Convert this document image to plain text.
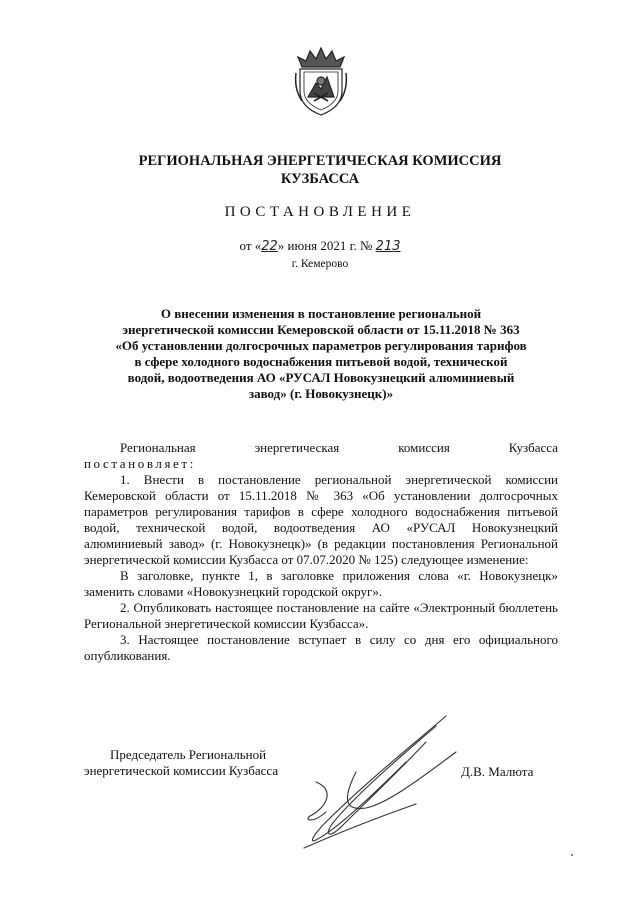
РЕГИОНАЛЬНАЯ ЭНЕРГЕТИЧЕСКАЯ КОМИССИЯ
КУЗБАССА
ПОСТАНОВЛЕНИЕ
от «22» июня 2021 г. № 213
г. Кемерово
О внесении изменения в постановление региональной
энергетической комиссии Кемеровской области от 15.11.2018 № 363
«Об установлении долгосрочных параметров регулирования тарифов
в сфере холодного водоснабжения питьевой водой, технической
водой, водоотведения АО «РУСАЛ Новокузнецкий алюминиевый
завод» (г. Новокузнецк)»

Региональная энергетическая комиссия Кузбасса

постановляет:

1. Внести в постановление региональной энергетической комиссии Кемеровской области от 15.11.2018 № 363 «Об установлении долгосрочных параметров регулирования тарифов в сфере холодного водоснабжения питьевой водой, технической водой, водоотведения АО «РУСАЛ Новокузнецкий алюминиевый завод» (г. Новокузнецк)» (в редакции постановления Региональной энергетической комиссии Кузбасса от 07.07.2020 № 125) следующее изменение:

В заголовке, пункте 1, в заголовке приложения слова «г. Новокузнецк» заменить словами «Новокузнецкий городской округ».

2. Опубликовать настоящее постановление на сайте «Электронный бюллетень Региональной энергетической комиссии Кузбасса».

3. Настоящее постановление вступает в силу со дня его официального опубликования.

Председатель Региональной
энергетической комиссии Кузбасса	Д.В. Малюта
